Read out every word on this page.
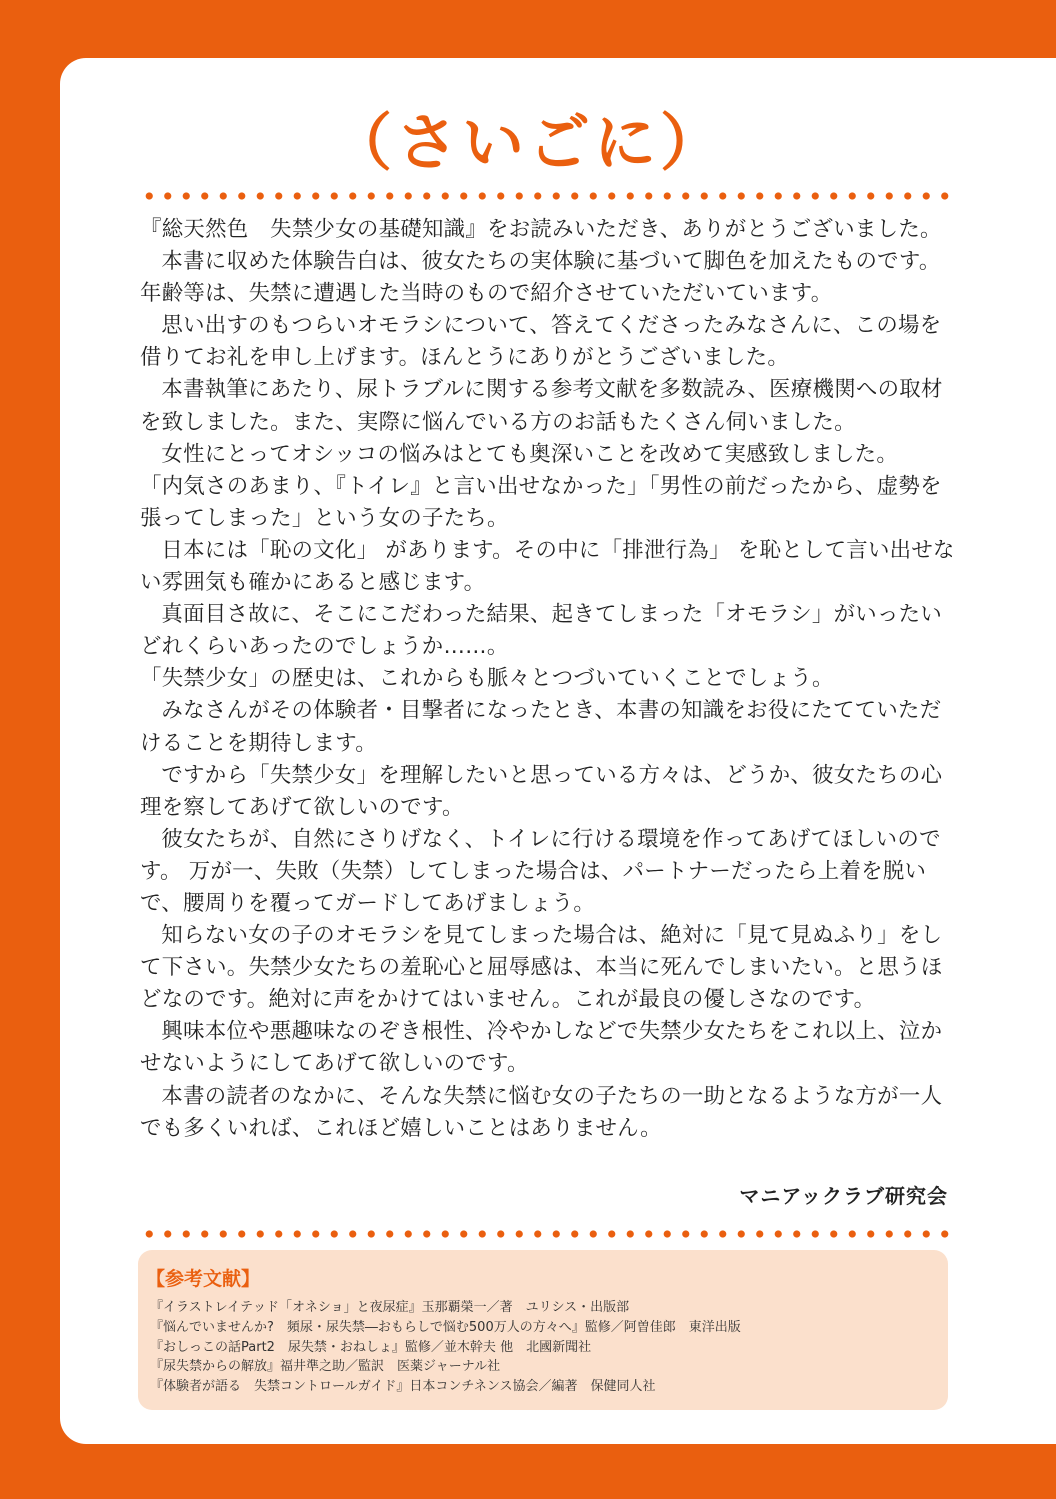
（さいごに）

『総天然色　失禁少女の基礎知識』をお読みいただき、ありがとうございました。

本書に収めた体験告白は、彼女たちの実体験に基づいて脚色を加えたものです。年齢等は、失禁に遭遇した当時のもので紹介させていただいています。

思い出すのもつらいオモラシについて、答えてくださったみなさんに、この場を借りてお礼を申し上げます。ほんとうにありがとうございました。

本書執筆にあたり、尿トラブルに関する参考文献を多数読み、医療機関への取材を致しました。また、実際に悩んでいる方のお話もたくさん伺いました。

女性にとってオシッコの悩みはとても奥深いことを改めて実感致しました。

「内気さのあまり、『トイレ』と言い出せなかった」「男性の前だったから、虚勢を張ってしまった」という女の子たち。

日本には「恥の文化」 があります。その中に「排泄行為」 を恥として言い出せない雰囲気も確かにあると感じます。

真面目さ故に、そこにこだわった結果、起きてしまった「オモラシ」がいったいどれくらいあったのでしょうか……。

「失禁少女」の歴史は、これからも脈々とつづいていくことでしょう。

みなさんがその体験者・目撃者になったとき、本書の知識をお役にたてていただけることを期待します。

ですから「失禁少女」を理解したいと思っている方々は、どうか、彼女たちの心理を察してあげて欲しいのです。

彼女たちが、自然にさりげなく、トイレに行ける環境を作ってあげてほしいのです。 万が一、失敗（失禁）してしまった場合は、パートナーだったら上着を脱いで、腰周りを覆ってガードしてあげましょう。

知らない女の子のオモラシを見てしまった場合は、絶対に「見て見ぬふり」をして下さい。失禁少女たちの羞恥心と屈辱感は、本当に死んでしまいたい。と思うほどなのです。絶対に声をかけてはいません。これが最良の優しさなのです。

興味本位や悪趣味なのぞき根性、冷やかしなどで失禁少女たちをこれ以上、泣かせないようにしてあげて欲しいのです。

本書の読者のなかに、そんな失禁に悩む女の子たちの一助となるような方が一人でも多くいれば、これほど嬉しいことはありません。

マニアックラブ研究会
【参考文献】
『イラストレイテッド「オネショ」と夜尿症』玉那覇榮一／著　ユリシス・出版部
『悩んでいませんか?　頻尿・尿失禁―おもらしで悩む500万人の方々へ』監修／阿曽佳郎　東洋出版
『おしっこの話Part2　尿失禁・おねしょ』監修／並木幹夫 他　北國新聞社
『尿失禁からの解放』福井準之助／監訳　医薬ジャーナル社
『体験者が語る　失禁コントロールガイド』日本コンチネンス協会／編著　保健同人社
